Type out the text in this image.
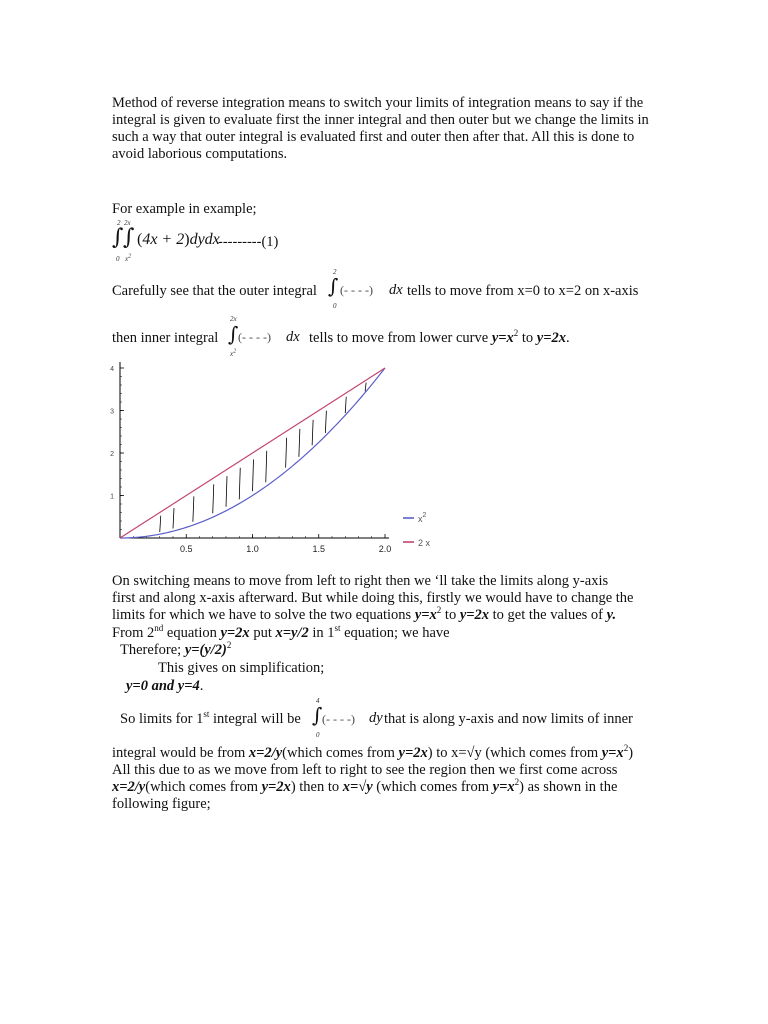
Method of reverse integration means to switch your limits of integration means to say if the integral is given to evaluate first the inner integral and then outer but we change the limits in such a way that outer integral is evaluated first and outer then after that. All this is done to avoid laborious computations.
For example in example;
2 2x
∫ ∫
0 $x^2$
(4x + 2)dydx
---------(1)
Carefully see that the outer integral
2
∫
0
(- - - -) dx tells to move from x=0 to x=2 on x-axis
then inner integral
2x
∫
$x^2$
(- - - -) dx tells to move from lower curve $y=x^2$ to y=2x.
0.5	1.0	1.5	2.0
1
2
3
4
$x^2$
2 x
On switching means to move from left to right then we ‘ll take the limits along y-axis
first and along x-axis afterward. But while doing this, firstly we would have to change the
limits for which we have to solve the two equations $y=x^2$ to y=2x to get the values of y.
From 2nd equation y=2x put x=y/2 in 1st equation; we have
Therefore; $y=(y/2)^2$
This gives on simplification;
y=0 and y=4.
So limits for 1st integral will be
4
∫
0
(- - - -) dy that is along y-axis and now limits of inner
integral would be from x=2/y(which comes from y=2x) to x=√y (which comes from $y=x^2$)
All this due to as we move from left to right to see the region then we first come across
x=2/y(which comes from y=2x) then to x=√y (which comes from $y=x^2$) as shown in the
following figure;
